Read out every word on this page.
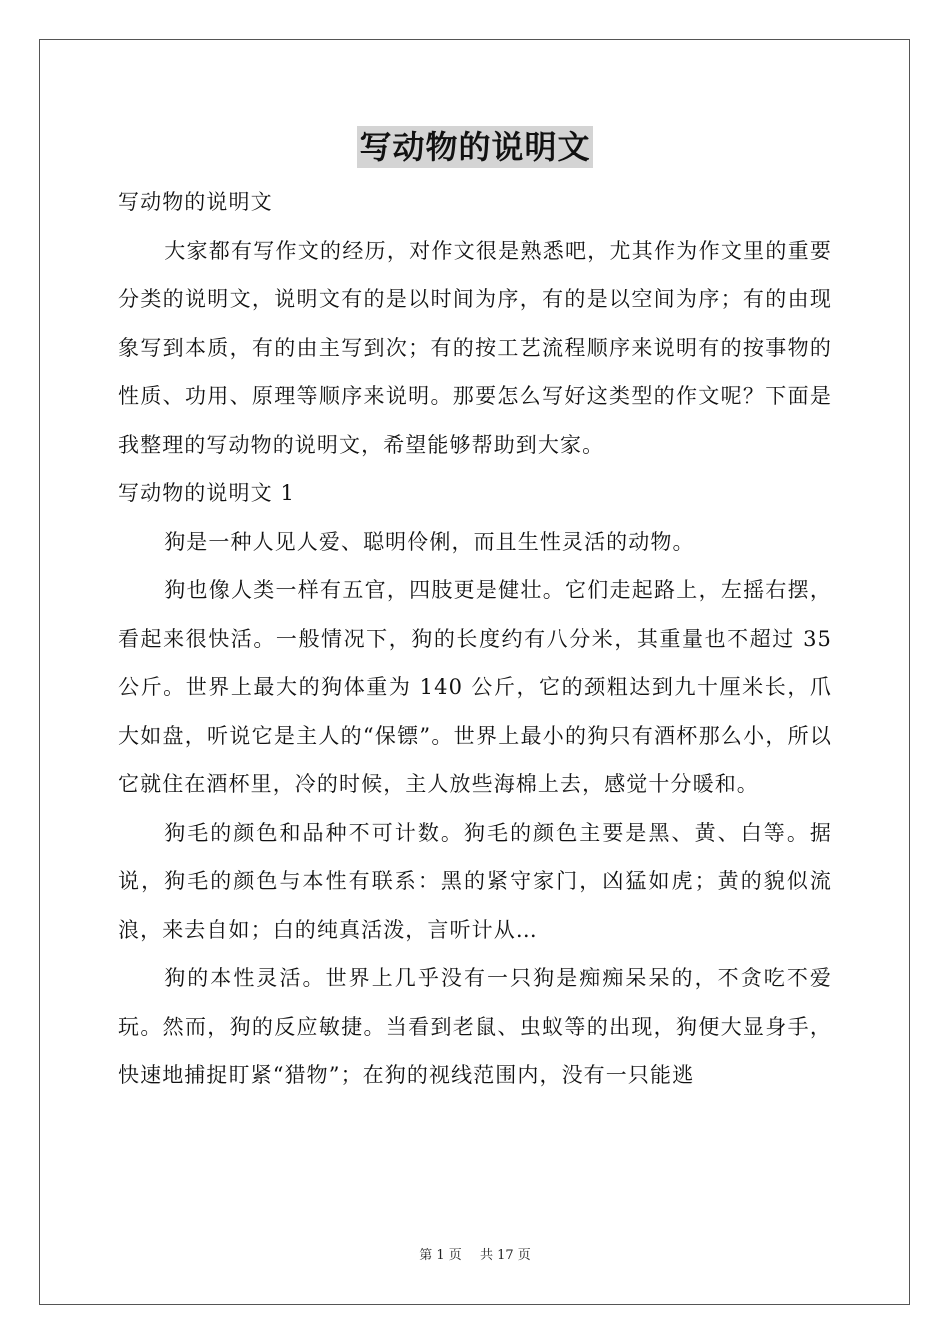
写动物的说明文

写动物的说明文

大家都有写作文的经历，对作文很是熟悉吧，尤其作为作文里的重要分类的说明文，说明文有的是以时间为序，有的是以空间为序；有的由现象写到本质，有的由主写到次；有的按工艺流程顺序来说明有的按事物的性质、功用、原理等顺序来说明。那要怎么写好这类型的作文呢？下面是我整理的写动物的说明文，希望能够帮助到大家。

写动物的说明文 1

狗是一种人见人爱、聪明伶俐，而且生性灵活的动物。

狗也像人类一样有五官，四肢更是健壮。它们走起路上，左摇右摆，看起来很快活。一般情况下，狗的长度约有八分米，其重量也不超过 35 公斤。世界上最大的狗体重为 140 公斤，它的颈粗达到九十厘米长，爪大如盘，听说它是主人的“保镖”。世界上最小的狗只有酒杯那么小，所以它就住在酒杯里，冷的时候，主人放些海棉上去，感觉十分暖和。

狗毛的颜色和品种不可计数。狗毛的颜色主要是黑、黄、白等。据说，狗毛的颜色与本性有联系：黑的紧守家门，凶猛如虎；黄的貌似流浪，来去自如；白的纯真活泼，言听计从…

狗的本性灵活。世界上几乎没有一只狗是痴痴呆呆的，不贪吃不爱玩。然而，狗的反应敏捷。当看到老鼠、虫蚁等的出现，狗便大显身手，快速地捕捉盯紧“猎物”；在狗的视线范围内，没有一只能逃

第 1 页 共 17 页
